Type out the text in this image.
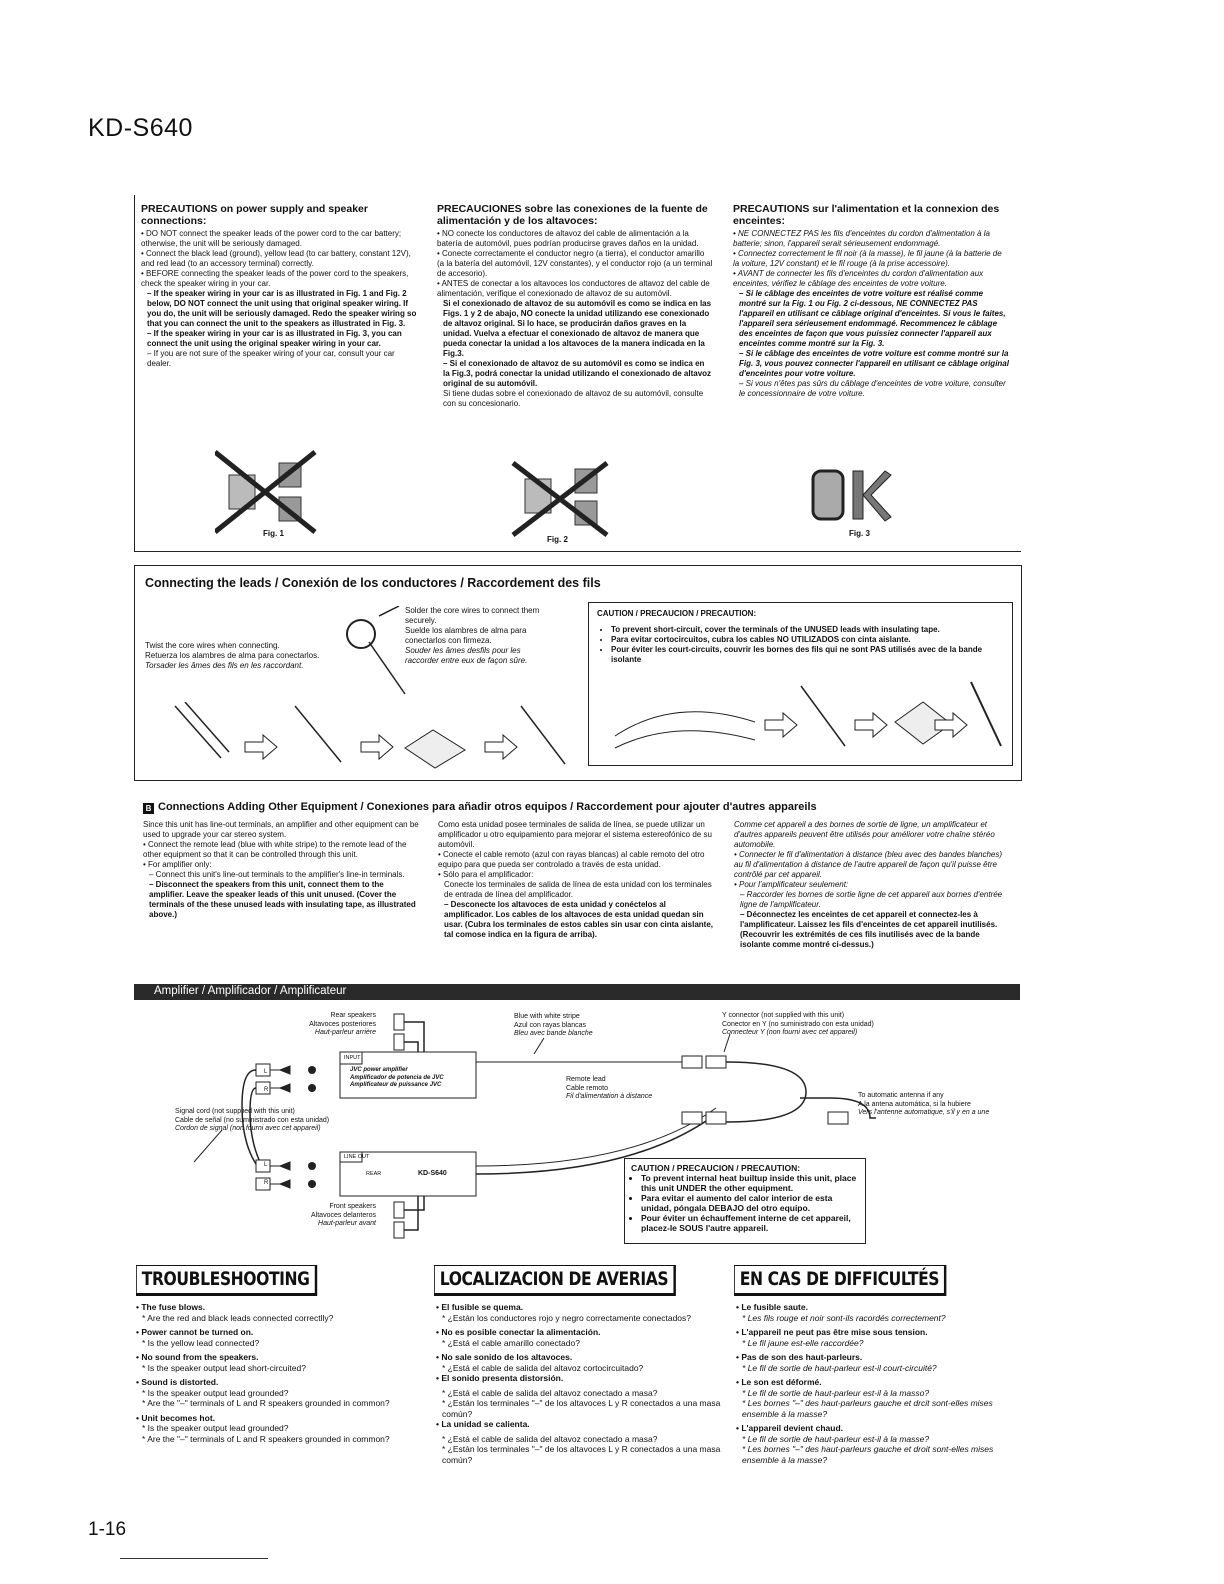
KD-S640
PRECAUTIONS on power supply and speaker connections:
• DO NOT connect the speaker leads of the power cord to the car battery; otherwise, the unit will be seriously damaged.
• Connect the black lead (ground), yellow lead (to car battery, constant 12V), and red lead (to an accessory terminal) correctly.
• BEFORE connecting the speaker leads of the power cord to the speakers, check the speaker wiring in your car.
– If the speaker wiring in your car is as illustrated in Fig. 1 and Fig. 2 below, DO NOT connect the unit using that original speaker wiring. If you do, the unit will be seriously damaged. Redo the speaker wiring so that you can connect the unit to the speakers as illustrated in Fig. 3.
– If the speaker wiring in your car is as illustrated in Fig. 3, you can connect the unit using the original speaker wiring in your car.
– If you are not sure of the speaker wiring of your car, consult your car dealer.
PRECAUCIONES sobre las conexiones de la fuente de alimentación y de los altavoces:
• NO conecte los conductores de altavoz del cable de alimentación a la batería de automóvil, pues podrían producirse graves daños en la unidad.
• Conecte correctamente el conductor negro (a tierra), el conductor amarillo (a la batería del automóvil, 12V constantes), y el conductor rojo (a un terminal de accesorio).
• ANTES de conectar a los altavoces los conductores de altavoz del cable de alimentación, verifique el conexionado de altavoz de su automóvil.
Si el conexionado de altavoz de su automóvil es como se indica en las Figs. 1 y 2 de abajo, NO conecte la unidad utilizando ese conexionado de altavoz original. Si lo hace, se producirán daños graves en la unidad. Vuelva a efectuar el conexionado de altavoz de manera que pueda conectar la unidad a los altavoces de la manera indicada en la Fig.3.
– Si el conexionado de altavoz de su automóvil es como se indica en la Fig.3, podrá conectar la unidad utilizando el conexionado de altavoz original de su automóvil.
Si tiene dudas sobre el conexionado de altavoz de su automóvil, consulte con su concesionario.
PRECAUTIONS sur l'alimentation et la connexion des enceintes:
• NE CONNECTEZ PAS les fils d'enceintes du cordon d'alimentation à la batterie; sinon, l'appareil serait sérieusement endommagé.
• Connectez correctement le fil noir (à la masse), le fil jaune (à la batterie de la voiture, 12V constant) et le fil rouge (à la prise accessoire).
• AVANT de connecter les fils d'enceintes du cordon d'alimentation aux enceintes, vérifiez le câblage des enceintes de votre voiture.
– Si le câblage des enceintes de votre voiture est réalisé comme montré sur la Fig. 1 ou Fig. 2 ci-dessous, NE CONNECTEZ PAS l'appareil en utilisant ce câblage original d'enceintes. Si vous le faites, l'appareil sera sérieusement endommagé. Recommencez le câblage des enceintes de façon que vous puissiez connecter l'appareil aux enceintes comme montré sur la Fig. 3.
– Si le câblage des enceintes de votre voiture est comme montré sur la Fig. 3, vous pouvez connecter l'appareil en utilisant ce câblage original d'enceintes pour votre voiture.
– Si vous n'êtes pas sûrs du câblage d'enceintes de votre voiture, consulter le concessionnaire de votre voiture.
Fig. 1
Fig. 2
Fig. 3
Connecting the leads / Conexión de los conductores / Raccordement des fils
Twist the core wires when connecting.
Retuerza los alambres de alma para conectarlos.
Torsader les âmes des fils en les raccordant.
Solder the core wires to connect them securely.
Suelde los alambres de alma para conectarlos con firmeza.
Souder les âmes desfils pour les raccorder entre eux de façon sûre.
CAUTION / PRECAUCION / PRECAUTION:
• To prevent short-circuit, cover the terminals of the UNUSED leads with insulating tape.
• Para evitar cortocircuitos, cubra los cables NO UTILIZADOS con cinta aislante.
• Pour éviter les court-circuits, couvrir les bornes des fils qui ne sont PAS utilisés avec de la bande isolante
B Connections Adding Other Equipment / Conexiones para añadir otros equipos / Raccordement pour ajouter d'autres appareils
Since this unit has line-out terminals, an amplifier and other equipment can be used to upgrade your car stereo system.
• Connect the remote lead (blue with white stripe) to the remote lead of the other equipment so that it can be controlled through this unit.
• For amplifier only:
– Connect this unit's line-out terminals to the amplifier's line-in terminals.
– Disconnect the speakers from this unit, connect them to the amplifier. Leave the speaker leads of this unit unused. (Cover the terminals of the these unused leads with insulating tape, as illustrated above.)
Como esta unidad posee terminales de salida de línea, se puede utilizar un amplificador u otro equipamiento para mejorar el sistema estereofónico de su automóvil.
• Conecte el cable remoto (azul con rayas blancas) al cable remoto del otro equipo para que pueda ser controlado a través de esta unidad.
• Sólo para el amplificador:
Conecte los terminales de salida de línea de esta unidad con los terminales de entrada de línea del amplificador.
– Desconecte los altavoces de esta unidad y conéctelos al amplificador. Los cables de los altavoces de esta unidad quedan sin usar. (Cubra los terminales de estos cables sin usar con cinta aislante, tal comose indica en la figura de arriba).
Comme cet appareil a des bornes de sortie de ligne, un amplificateur et d'autres appareils peuvent être utilisés pour améliorer votre chaîne stéréo automobile.
• Connecter le fil d'alimentation à distance (bleu avec des bandes blanches) au fil d'alimentation à distance de l'autre appareil de façon qu'il puisse être contrôlé par cet appareil.
• Pour l'amplificateur seulement:
– Raccorder les bornes de sortie ligne de cet appareil aux bornes d'entrée ligne de l'amplificateur.
– Déconnectez les enceintes de cet appareil et connectez-les à l'amplificateur. Laissez les fils d'enceintes de cet appareil inutilisés. (Recouvrir les extrémités de ces fils inutilisés avec de la bande isolante comme montré ci-dessus.)
Amplifier / Amplificador / Amplificateur
Rear speakers
Altavoces posteriores
Haut-parleur arrière
INPUT
JVC power amplifier
Amplificador de potencia de JVC
Amplificateur de puissance JVC
L
R
Signal cord (not supplied with this unit)
Cable de señal (no suministrado con esta unidad)
Cordon de signal (non fourni avec cet appareil)
Blue with white stripe
Azul con rayas blancas
Bleu avec bande blanche
Remote lead
Cable remoto
Fil d'alimentation à distance
Y connector (not supplied with this unit)
Conector en Y (no suministrado con esta unidad)
Connecteur Y (non fourni avec cet appareil)
To automatic antenna if any
A la antena automática, si la hubiere
Vers l'antenne automatique, s'il y en a une
LINE OUT
REAR
L
R
KD-S640
Front speakers
Altavoces delanteros
Haut-parleur avant
CAUTION / PRECAUCION / PRECAUTION:
• To prevent internal heat builtup inside this unit, place this unit UNDER the other equipment.
• Para evitar el aumento del calor interior de esta unidad, póngala DEBAJO del otro equipo.
• Pour éviter un échauffement interne de cet appareil, placez-le SOUS l'autre appareil.
TROUBLESHOOTING	LOCALIZACION DE AVERIAS	EN CAS DE DIFFICULTÉS
• The fuse blows.
* Are the red and black leads connected correctlly?
• Power cannot be turned on.
* Is the yellow lead connected?
• No sound from the speakers.
* Is the speaker output lead short-circuited?
• Sound is distorted.
* Is the speaker output lead grounded?
* Are the "–" terminals of L and R speakers grounded in common?
• Unit becomes hot.
* Is the speaker output lead grounded?
* Are the "–" terminals of L and R speakers grounded in common?
• El fusible se quema.
* ¿Están los conductores rojo y negro correctamente conectados?
• No es posible conectar la alimentación.
* ¿Está el cable amarillo conectado?
• No sale sonido de los altavoces.
* ¿Está el cable de salida del altavoz cortocircuitado?
• El sonido presenta distorsión.
* ¿Está el cable de salida del altavoz conectado a masa?
* ¿Están los terminales "–" de los altavoces L y R conectados a una masa común?
• La unidad se calienta.
* ¿Está el cable de salida del altavoz conectado a masa?
* ¿Están los terminales "–" de los altavoces L y R conectados a una masa común?
• Le fusible saute.
* Les fils rouge et noir sont-ils racordés correctement?
• L'appareil ne peut pas être mise sous tension.
* Le fil jaune est-elle raccordée?
• Pas de son des haut-parleurs.
* Le fil de sortie de haut-parleur est-il court-circuité?
• Le son est déformé.
* Le fil de sortie de haut-parleur est-il à la masso?
* Les bornes "–" des haut-parleurs gauche et drcit sont-elles mises ensemble à la masse?
• L'appareil devient chaud.
* Le fil de sortie de haut-parleur est-il à la masse?
* Les bornes "–" des haut-parleurs gauche et droit sont-elles mises ensemble à la masse?
1-16
